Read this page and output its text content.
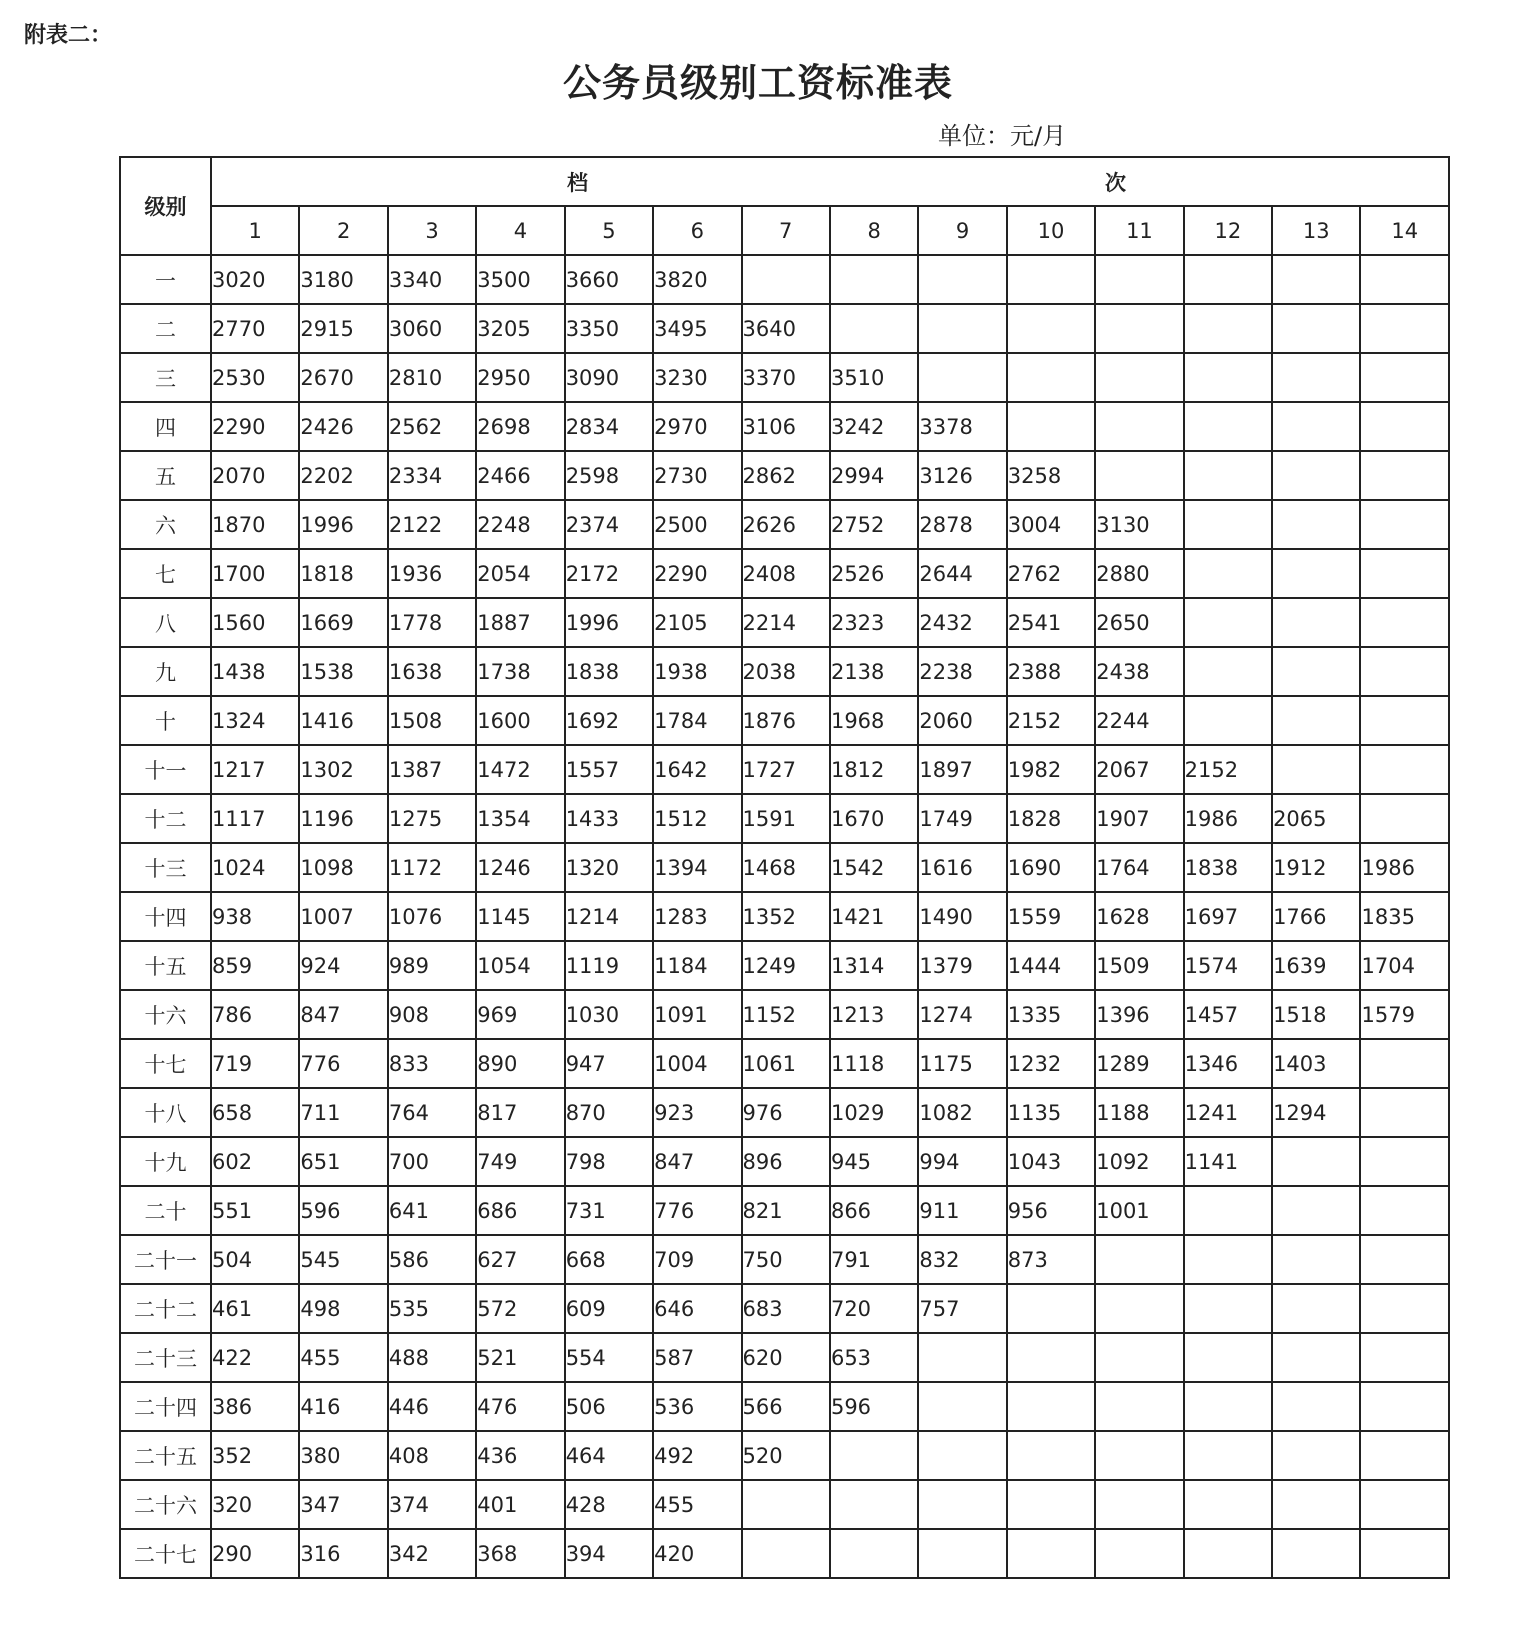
附表二：
公务员级别工资标准表
单位：元/月
级别	档 次													

	1	2	3	4	5	6	7	8	9	10	11	12	13	14
一	3020	3180	3340	3500	3660	3820								
二	2770	2915	3060	3205	3350	3495	3640							
三	2530	2670	2810	2950	3090	3230	3370	3510						
四	2290	2426	2562	2698	2834	2970	3106	3242	3378					
五	2070	2202	2334	2466	2598	2730	2862	2994	3126	3258				
六	1870	1996	2122	2248	2374	2500	2626	2752	2878	3004	3130			
七	1700	1818	1936	2054	2172	2290	2408	2526	2644	2762	2880			
八	1560	1669	1778	1887	1996	2105	2214	2323	2432	2541	2650			
九	1438	1538	1638	1738	1838	1938	2038	2138	2238	2388	2438			
十	1324	1416	1508	1600	1692	1784	1876	1968	2060	2152	2244			
十一	1217	1302	1387	1472	1557	1642	1727	1812	1897	1982	2067	2152		
十二	1117	1196	1275	1354	1433	1512	1591	1670	1749	1828	1907	1986	2065	
十三	1024	1098	1172	1246	1320	1394	1468	1542	1616	1690	1764	1838	1912	1986
十四	938	1007	1076	1145	1214	1283	1352	1421	1490	1559	1628	1697	1766	1835
十五	859	924	989	1054	1119	1184	1249	1314	1379	1444	1509	1574	1639	1704
十六	786	847	908	969	1030	1091	1152	1213	1274	1335	1396	1457	1518	1579
十七	719	776	833	890	947	1004	1061	1118	1175	1232	1289	1346	1403	
十八	658	711	764	817	870	923	976	1029	1082	1135	1188	1241	1294	
十九	602	651	700	749	798	847	896	945	994	1043	1092	1141		
二十	551	596	641	686	731	776	821	866	911	956	1001			
二十一	504	545	586	627	668	709	750	791	832	873				
二十二	461	498	535	572	609	646	683	720	757					
二十三	422	455	488	521	554	587	620	653						
二十四	386	416	446	476	506	536	566	596						
二十五	352	380	408	436	464	492	520							
二十六	320	347	374	401	428	455								
二十七	290	316	342	368	394	420								
